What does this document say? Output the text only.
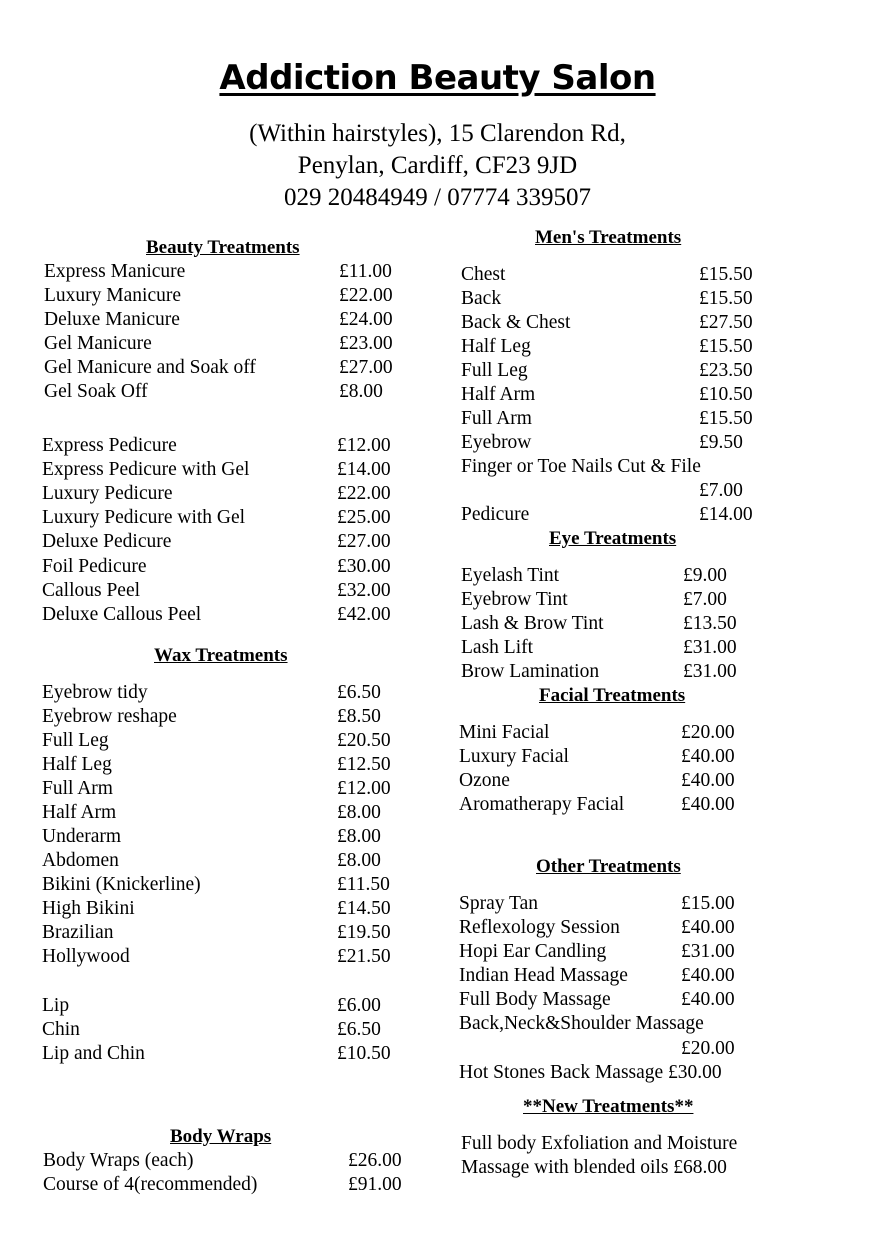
Addiction Beauty Salon
(Within hairstyles), 15 Clarendon Rd,
Penylan, Cardiff, CF23 9JD
029 20484949 / 07774 339507
Beauty Treatments
Express Manicure	£11.00
Luxury Manicure	£22.00
Deluxe Manicure	£24.00
Gel Manicure	£23.00
Gel Manicure and Soak off	£27.00
Gel Soak Off	£8.00
Express Pedicure	£12.00
Express Pedicure with Gel	£14.00
Luxury Pedicure	£22.00
Luxury Pedicure with Gel	£25.00
Deluxe Pedicure	£27.00
Foil Pedicure	£30.00
Callous Peel	£32.00
Deluxe Callous Peel	£42.00
Wax Treatments
Eyebrow tidy	£6.50
Eyebrow reshape	£8.50
Full Leg	£20.50
Half Leg	£12.50
Full Arm	£12.00
Half Arm	£8.00
Underarm	£8.00
Abdomen	£8.00
Bikini (Knickerline)	£11.50
High Bikini	£14.50
Brazilian	£19.50
Hollywood	£21.50
Lip	£6.00
Chin	£6.50
Lip and Chin	£10.50
Body Wraps
Body Wraps (each)	£26.00
Course of 4(recommended)	£91.00
Men's Treatments
Chest	£15.50
Back	£15.50
Back & Chest	£27.50
Half Leg	£15.50
Full Leg	£23.50
Half Arm	£10.50
Full Arm	£15.50
Eyebrow	£9.50
Finger or Toe Nails Cut & File
£7.00
Pedicure	£14.00
Eye Treatments
Eyelash Tint	£9.00
Eyebrow Tint	£7.00
Lash & Brow Tint	£13.50
Lash Lift	£31.00
Brow Lamination	£31.00
Facial Treatments
Mini Facial	£20.00
Luxury Facial	£40.00
Ozone	£40.00
Aromatherapy Facial	£40.00
Other Treatments
Spray Tan	£15.00
Reflexology Session	£40.00
Hopi Ear Candling	£31.00
Indian Head Massage	£40.00
Full Body Massage	£40.00
Back,Neck&Shoulder Massage
£20.00
Hot Stones Back Massage £30.00
**New Treatments**
Full body Exfoliation and Moisture
Massage with blended oils £68.00
